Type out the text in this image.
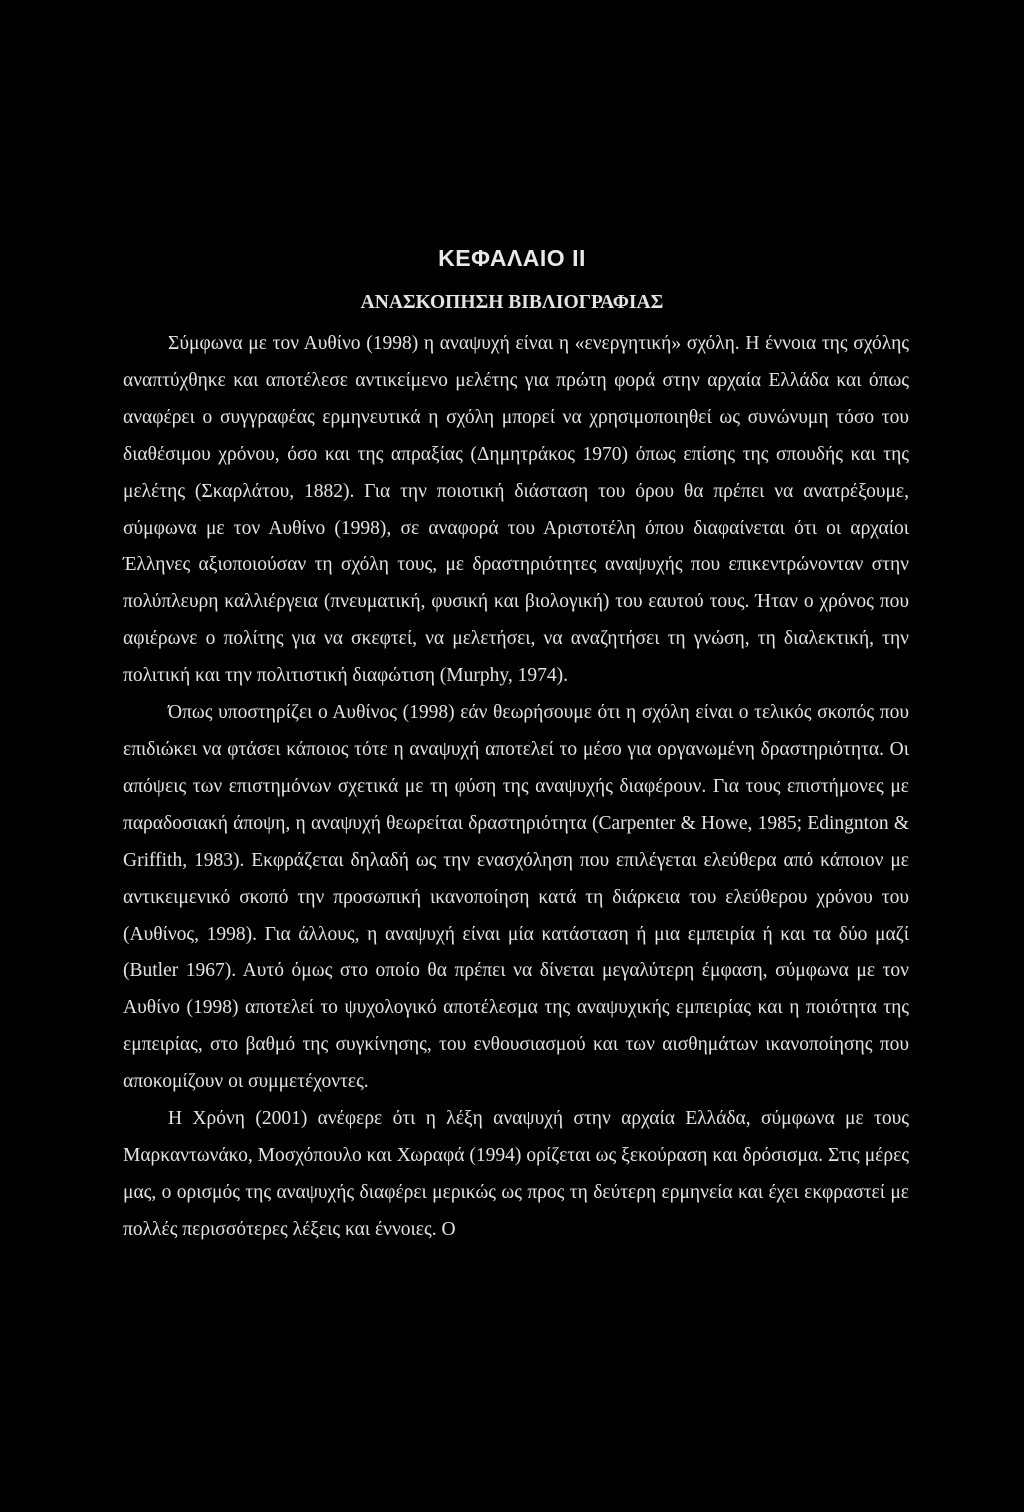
ΚΕΦΑΛΑΙΟ ΙΙ
ΑΝΑΣΚΟΠΗΣΗ ΒΙΒΛΙΟΓΡΑΦΙΑΣ

Σύμφωνα με τον Αυθίνο (1998) η αναψυχή είναι η «ενεργητική» σχόλη. Η έννοια της σχόλης αναπτύχθηκε και αποτέλεσε αντικείμενο μελέτης για πρώτη φορά στην αρχαία Ελλάδα και όπως αναφέρει ο συγγραφέας ερμηνευτικά η σχόλη μπορεί να χρησιμοποιηθεί ως συνώνυμη τόσο του διαθέσιμου χρόνου, όσο και της απραξίας (Δημητράκος 1970) όπως επίσης της σπουδής και της μελέτης (Σκαρλάτου, 1882). Για την ποιοτική διάσταση του όρου θα πρέπει να ανατρέξουμε, σύμφωνα με τον Αυθίνο (1998), σε αναφορά του Αριστοτέλη όπου διαφαίνεται ότι οι αρχαίοι Έλληνες αξιοποιούσαν τη σχόλη τους, με δραστηριότητες αναψυχής που επικεντρώνονταν στην πολύπλευρη καλλιέργεια (πνευματική, φυσική και βιολογική) του εαυτού τους. Ήταν ο χρόνος που αφιέρωνε ο πολίτης για να σκεφτεί, να μελετήσει, να αναζητήσει τη γνώση, τη διαλεκτική, την πολιτική και την πολιτιστική διαφώτιση (Murphy, 1974).

Όπως υποστηρίζει ο Αυθίνος (1998) εάν θεωρήσουμε ότι η σχόλη είναι ο τελικός σκοπός που επιδιώκει να φτάσει κάποιος τότε η αναψυχή αποτελεί το μέσο για οργανωμένη δραστηριότητα. Οι απόψεις των επιστημόνων σχετικά με τη φύση της αναψυχής διαφέρουν. Για τους επιστήμονες με παραδοσιακή άποψη, η αναψυχή θεωρείται δραστηριότητα (Carpenter & Howe, 1985; Edingnton & Griffith, 1983). Εκφράζεται δηλαδή ως την ενασχόληση που επιλέγεται ελεύθερα από κάποιον με αντικειμενικό σκοπό την προσωπική ικανοποίηση κατά τη διάρκεια του ελεύθερου χρόνου του (Αυθίνος, 1998). Για άλλους, η αναψυχή είναι μία κατάσταση ή μια εμπειρία ή και τα δύο μαζί (Butler 1967). Αυτό όμως στο οποίο θα πρέπει να δίνεται μεγαλύτερη έμφαση, σύμφωνα με τον Αυθίνο (1998) αποτελεί το ψυχολογικό αποτέλεσμα της αναψυχικής εμπειρίας και η ποιότητα της εμπειρίας, στο βαθμό της συγκίνησης, του ενθουσιασμού και των αισθημάτων ικανοποίησης που αποκομίζουν οι συμμετέχοντες.

Η Χρόνη (2001) ανέφερε ότι η λέξη αναψυχή στην αρχαία Ελλάδα, σύμφωνα με τους Μαρκαντωνάκο, Μοσχόπουλο και Χωραφά (1994) ορίζεται ως ξεκούραση και δρόσισμα. Στις μέρες μας, ο ορισμός της αναψυχής διαφέρει μερικώς ως προς τη δεύτερη ερμηνεία και έχει εκφραστεί με πολλές περισσότερες λέξεις και έννοιες. Ο
